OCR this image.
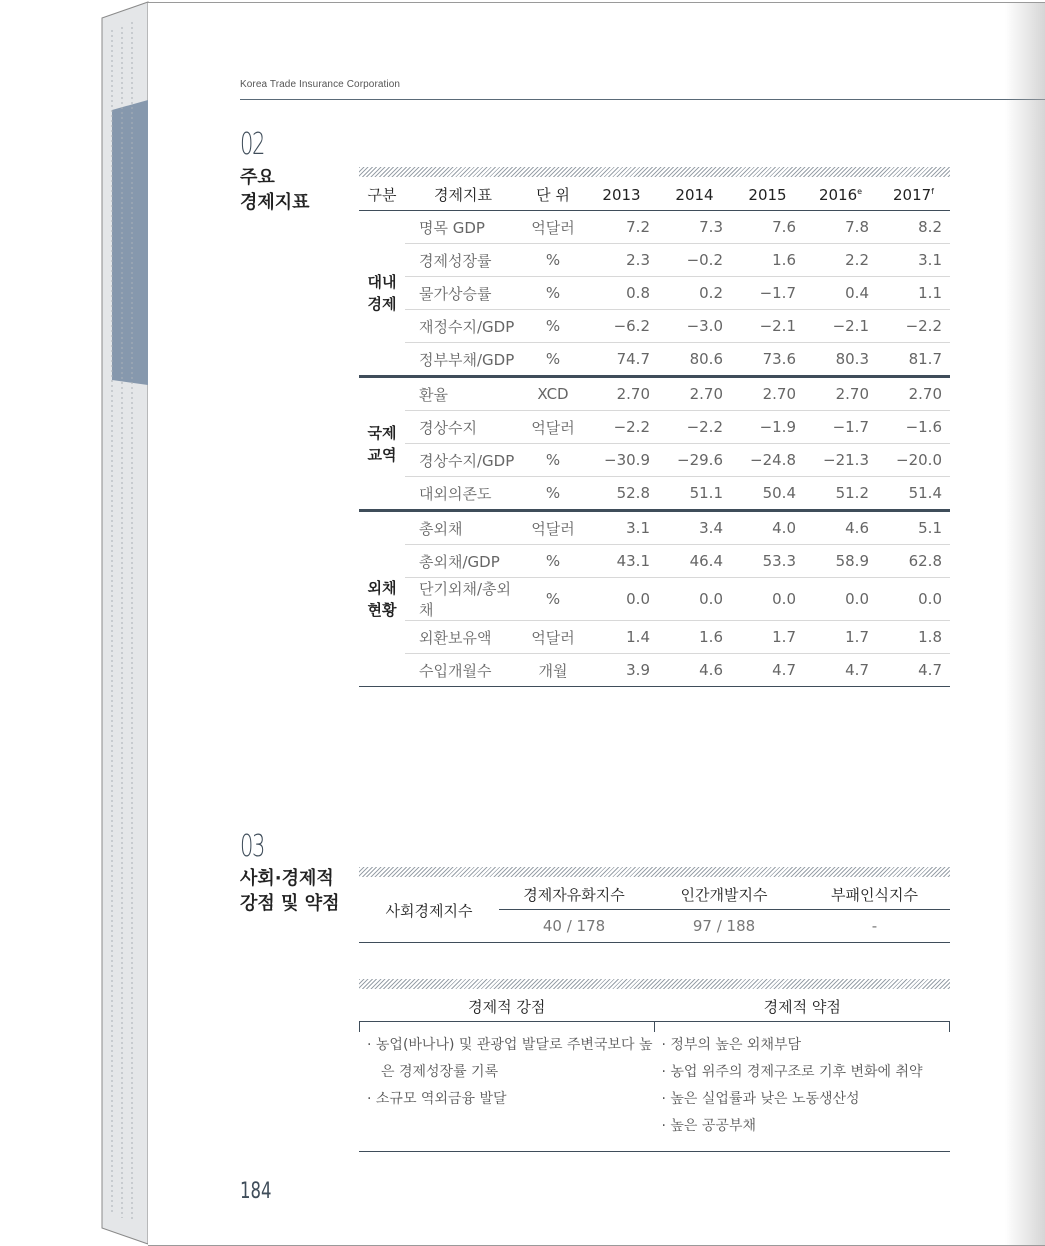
Korea Trade Insurance Corporation
02
주요
경제지표	구분	경제지표	단 위	2013	2014	2015	2016e	2017$^f$

대내
경제	명목 GDP	억달러	7.2	7.3	7.6	7.8	8.2
	경제성장률	%	2.3	−0.2	1.6	2.2	3.1
	물가상승률	%	0.8	0.2	−1.7	0.4	1.1
	재정수지/GDP	%	−6.2	−3.0	−2.1	−2.1	−2.2
	정부부채/GDP	%	74.7	80.6	73.6	80.3	81.7

국제
교역	환율	XCD	2.70	2.70	2.70	2.70	2.70
	경상수지	억달러	−2.2	−2.2	−1.9	−1.7	−1.6
	경상수지/GDP	%	−30.9	−29.6	−24.8	−21.3	−20.0
	대외의존도	%	52.8	51.1	50.4	51.2	51.4

외채
현황	총외채	억달러	3.1	3.4	4.0	4.6	5.1
	총외채/GDP	%	43.1	46.4	53.3	58.9	62.8
	단기외채/총외채	%	0.0	0.0	0.0	0.0	0.0
	외환보유액	억달러	1.4	1.6	1.7	1.7	1.8
	수입개월수	개월	3.9	4.6	4.7	4.7	4.7
03
사회·경제적
강점 및 약점	사회경제지수	경제자유화지수	인간개발지수	부패인식지수
	40 / 178	97 / 188	-
경제적 강점	경제적 약점
· 농업(바나나) 및 관광업 발달로 주변국보다 높은 경제성장률 기록
· 소규모 역외금융 발달
· 정부의 높은 외채부담
· 농업 위주의 경제구조로 기후 변화에 취약
· 높은 실업률과 낮은 노동생산성
· 높은 공공부채
184
